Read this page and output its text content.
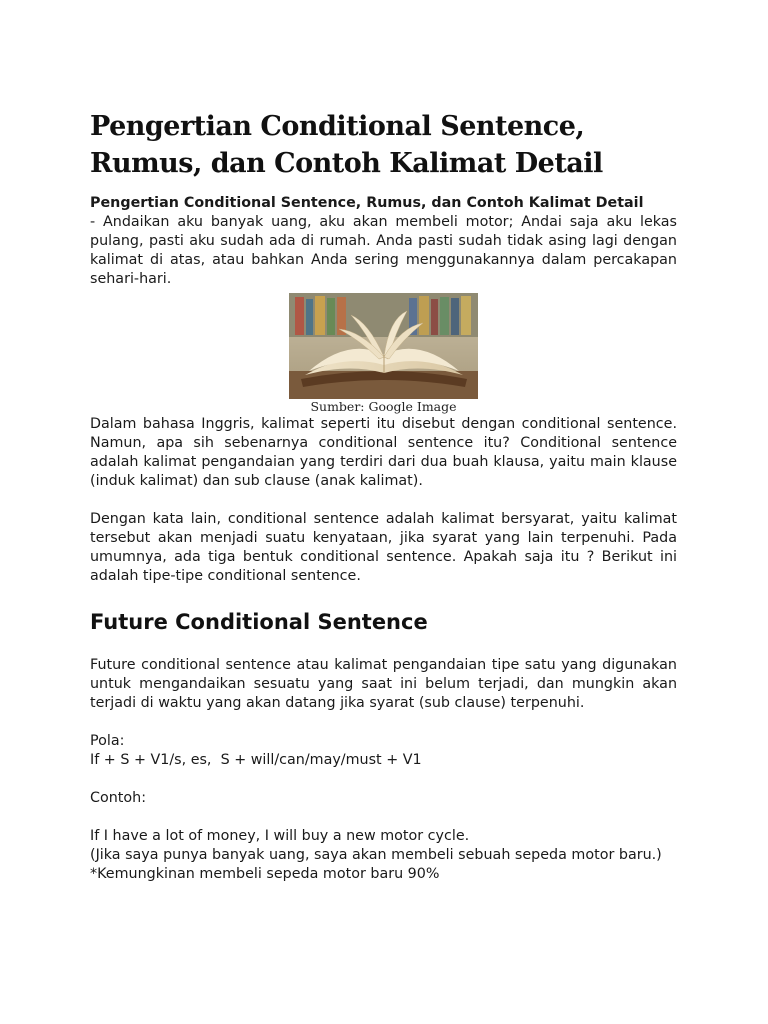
Pengertian Conditional Sentence, Rumus, dan Contoh Kalimat Detail

Pengertian Conditional Sentence, Rumus, dan Contoh Kalimat Detail
- Andaikan aku banyak uang, aku akan membeli motor; Andai saja aku lekas pulang, pasti aku sudah ada di rumah. Anda pasti sudah tidak asing lagi dengan kalimat di atas, atau bahkan Anda sering menggunakannya dalam percakapan sehari-hari.

Sumber: Google Image

Dalam bahasa Inggris, kalimat seperti itu disebut dengan conditional sentence. Namun, apa sih sebenarnya conditional sentence itu? Conditional sentence adalah kalimat pengandaian yang terdiri dari dua buah klausa, yaitu main klause (induk kalimat) dan sub clause (anak kalimat).

Dengan kata lain, conditional sentence adalah kalimat bersyarat, yaitu kalimat tersebut akan menjadi suatu kenyataan, jika syarat yang lain terpenuhi. Pada umumnya, ada tiga bentuk conditional sentence. Apakah saja itu ? Berikut ini adalah tipe-tipe conditional sentence.

Future Conditional Sentence

Future conditional sentence atau kalimat pengandaian tipe satu yang digunakan untuk mengandaikan sesuatu yang saat ini belum terjadi, dan mungkin akan terjadi di waktu yang akan datang jika syarat (sub clause) terpenuhi.

Pola:

If + S + V1/s, es,  S + will/can/may/must + V1

Contoh:

If I have a lot of money, I will buy a new motor cycle.

(Jika saya punya banyak uang, saya akan membeli sebuah sepeda motor baru.)

*Kemungkinan membeli sepeda motor baru 90%
